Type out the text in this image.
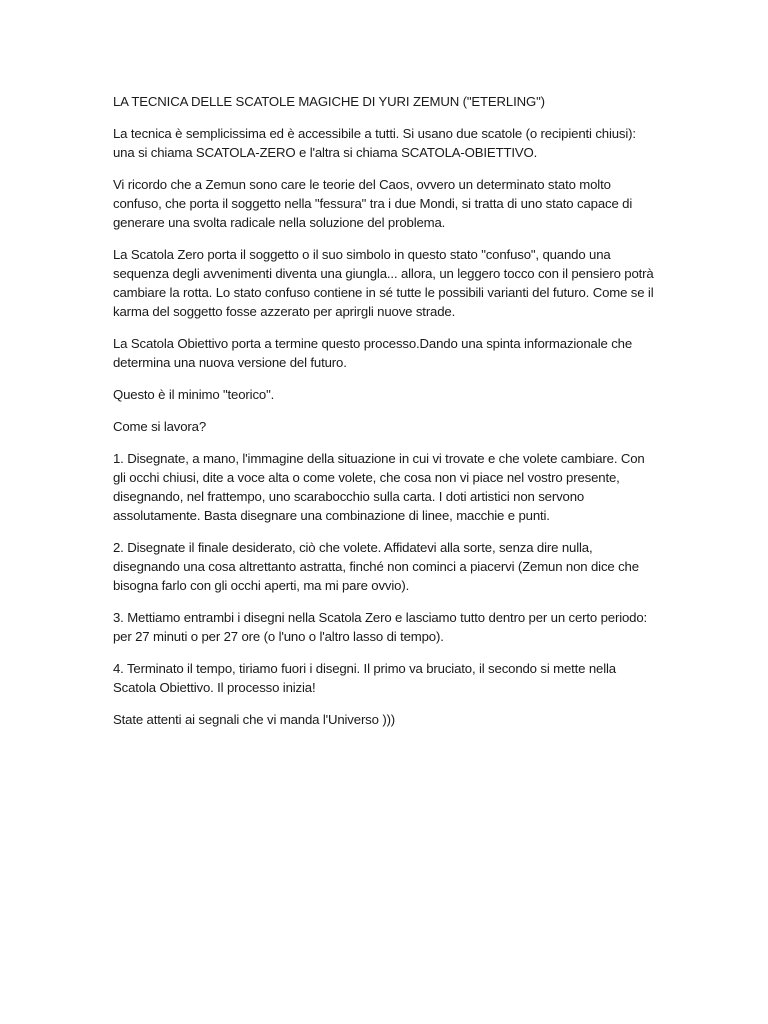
LA TECNICA DELLE SCATOLE MAGICHE DI YURI ZEMUN ("ETERLING")

La tecnica è semplicissima ed è accessibile a tutti. Si usano due scatole (o recipienti chiusi): una si chiama SCATOLA-ZERO e l'altra si chiama SCATOLA-OBIETTIVO.

Vi ricordo che a Zemun sono care le teorie del Caos, ovvero un determinato stato molto confuso, che porta il soggetto nella "fessura" tra i due Mondi, si tratta di uno stato capace di generare una svolta radicale nella soluzione del problema.

La Scatola Zero porta il soggetto o il suo simbolo in questo stato "confuso", quando una sequenza degli avvenimenti diventa una giungla... allora, un leggero tocco con il pensiero potrà cambiare la rotta. Lo stato confuso contiene in sé tutte le possibili varianti del futuro. Come se il karma del soggetto fosse azzerato per aprirgli nuove strade.

La Scatola Obiettivo porta a termine questo processo.Dando una spinta informazionale che determina una nuova versione del futuro.

Questo è il minimo "teorico".

Come si lavora?

1. Disegnate, a mano, l'immagine della situazione in cui vi trovate e che volete cambiare. Con gli occhi chiusi, dite a voce alta o come volete, che cosa non vi piace nel vostro presente, disegnando, nel frattempo, uno scarabocchio sulla carta. I doti artistici non servono assolutamente. Basta disegnare una combinazione di linee, macchie e punti.

2. Disegnate il finale desiderato, ciò che volete. Affidatevi alla sorte, senza dire nulla, disegnando una cosa altrettanto astratta, finché non cominci a piacervi (Zemun non dice che bisogna farlo con gli occhi aperti, ma mi pare ovvio).

3. Mettiamo entrambi i disegni nella Scatola Zero e lasciamo tutto dentro per un certo periodo: per 27 minuti o per 27 ore (o l'uno o l'altro lasso di tempo).

4. Terminato il tempo, tiriamo fuori i disegni. Il primo va bruciato, il secondo si mette nella Scatola Obiettivo. Il processo inizia!

State attenti ai segnali che vi manda l'Universo )))
